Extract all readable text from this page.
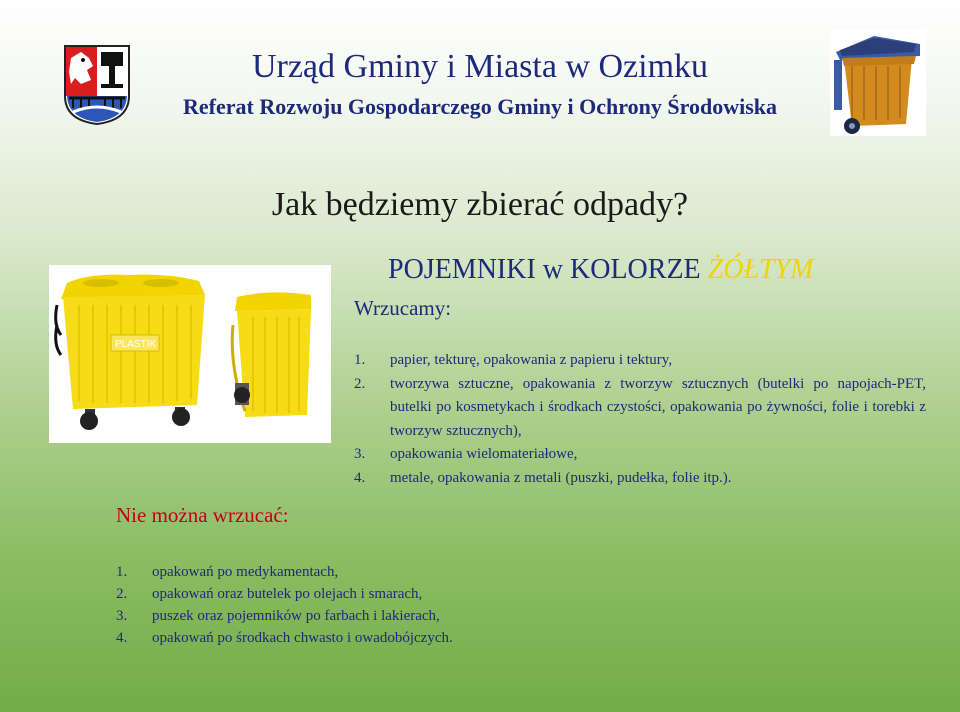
Urząd Gminy i Miasta w Ozimku
Referat Rozwoju Gospodarczego Gminy i Ochrony Środowiska
Jak będziemy zbierać odpady?
PLASTIK
POJEMNIKI w KOLORZE ŻÓŁTYM
Wrzucamy:
1. papier, tekturę, opakowania z papieru i tektury,
2. tworzywa sztuczne, opakowania z tworzyw sztucznych (butelki po napojach-PET, butelki po kosmetykach i środkach czystości, opakowania po żywności, folie i torebki z tworzyw sztucznych),
3. opakowania wielomateriałowe,
4. metale, opakowania z metali (puszki, pudełka, folie itp.).
Nie można wrzucać:
1. opakowań po medykamentach,
2. opakowań oraz butelek po olejach i smarach,
3. puszek oraz pojemników po farbach i lakierach,
4. opakowań po środkach chwasto i owadobójczych.
